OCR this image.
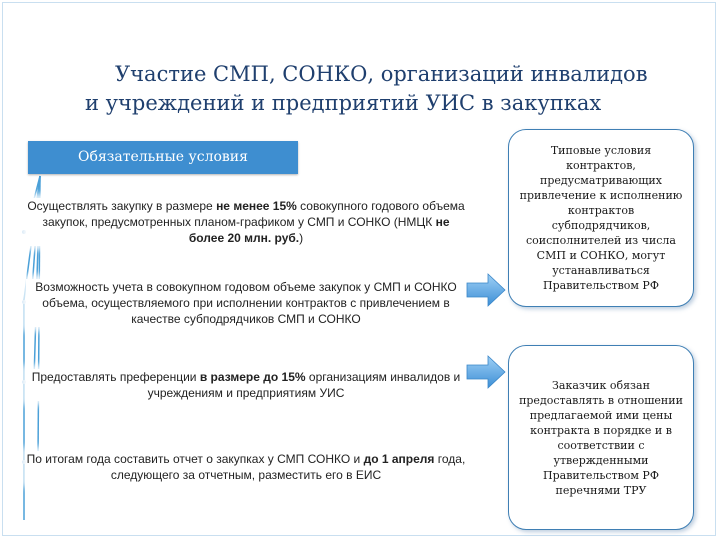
Участие СМП, СОНКО, организаций инвалидов
и учреждений и предприятий УИС в закупках
Обязательные условия
Осуществлять закупку в размере не менее 15% совокупного годового объема закупок, предусмотренных планом-графиком у СМП и СОНКО (НМЦК не более 20 млн. руб.)
Возможность учета в совокупном годовом объеме закупок у СМП и СОНКО объема, осуществляемого при исполнении контрактов с привлечением в качестве субподрядчиков СМП и СОНКО
Предоставлять преференции в размере до 15% организациям инвалидов и учреждениям и предприятиям УИС
По итогам года составить отчет о закупках у СМП СОНКО и до 1 апреля года, следующего за отчетным, разместить его в ЕИС
Типовые условия контрактов, предусматривающих привлечение к исполнению контрактов субподрядчиков, соисполнителей из числа СМП и СОНКО, могут устанавливаться Правительством РФ
Заказчик обязан предоставлять в отношении предлагаемой ими цены контракта в порядке и в соответствии с утвержденными Правительством РФ перечнями ТРУ
